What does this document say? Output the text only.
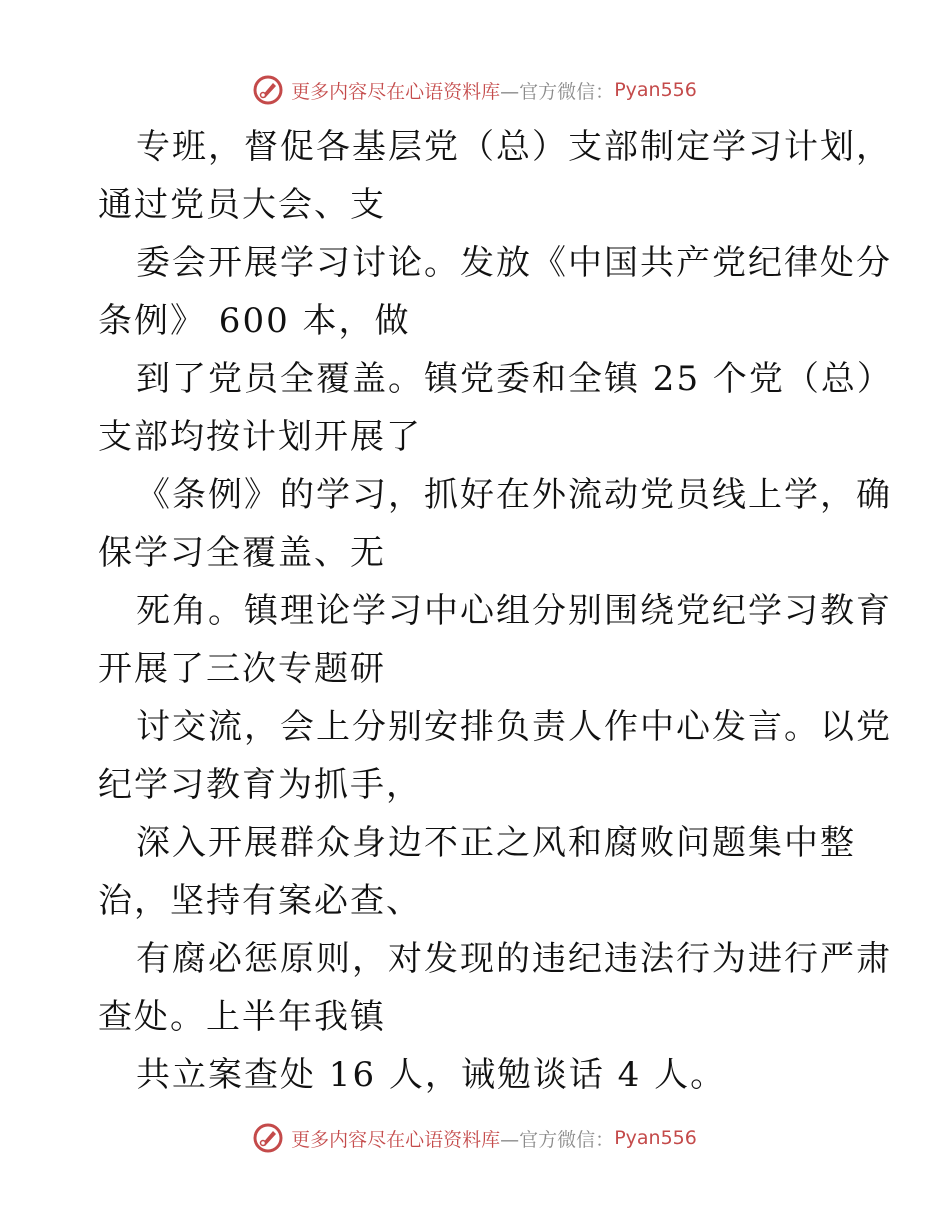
更多内容尽在心语资料库 —官方微信： Pyan556
专班，督促各基层党（总）支部制定学习计划，
通过党员大会、支
委会开展学习讨论。发放《中国共产党纪律处分
条例》 600 本，做
到了党员全覆盖。镇党委和全镇 25 个党（总）
支部均按计划开展了
《条例》的学习，抓好在外流动党员线上学，确
保学习全覆盖、无
死角。镇理论学习中心组分别围绕党纪学习教育
开展了三次专题研
讨交流，会上分别安排负责人作中心发言。以党
纪学习教育为抓手，
深入开展群众身边不正之风和腐败问题集中整
治，坚持有案必查、
有腐必惩原则，对发现的违纪违法行为进行严肃
查处。上半年我镇
共立案查处 16 人，诫勉谈话 4 人。
更多内容尽在心语资料库 —官方微信： Pyan556
